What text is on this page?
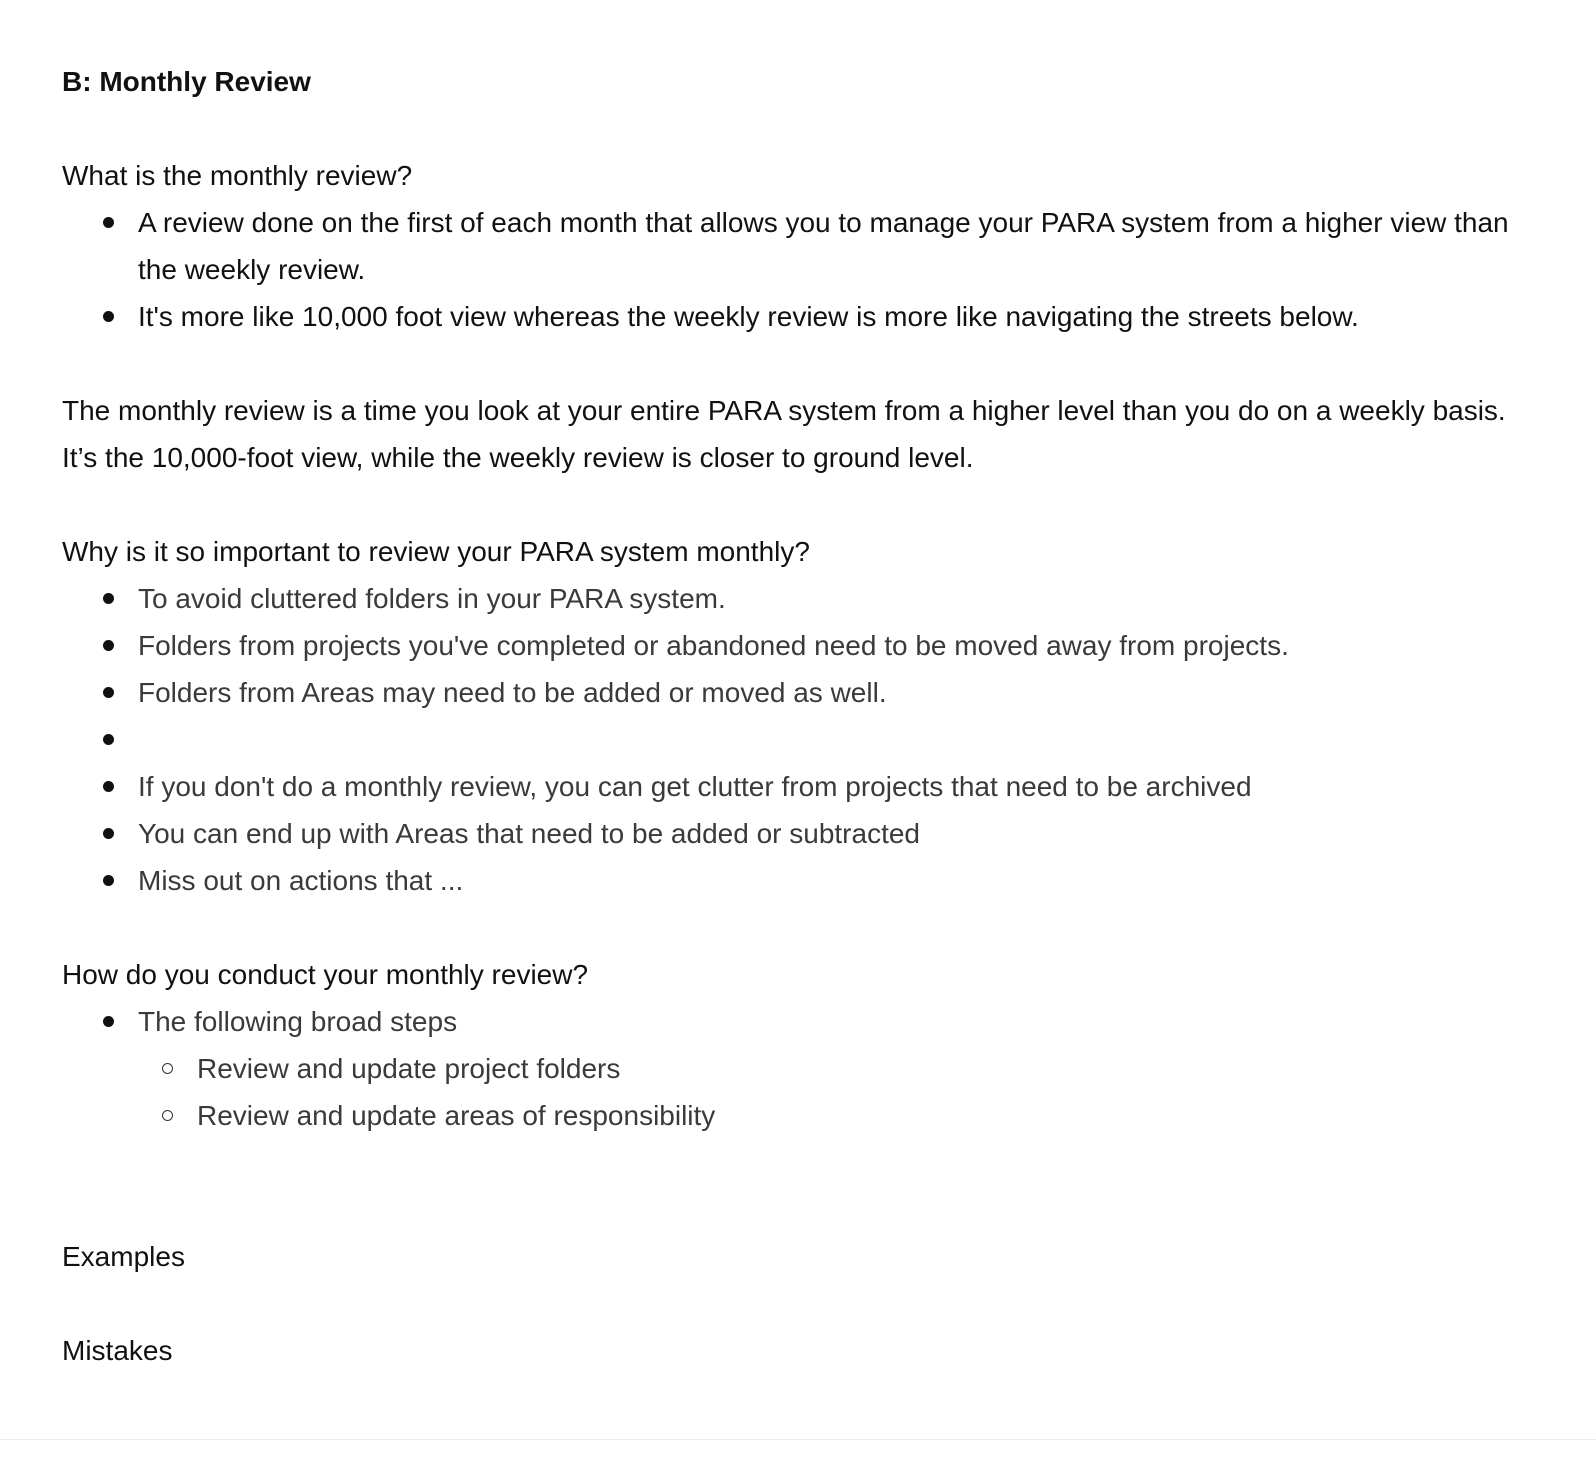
B: Monthly Review

What is the monthly review?

A review done on the first of each month that allows you to manage your PARA system from a higher view than the weekly review.
It's more like 10,000 foot view whereas the weekly review is more like navigating the streets below.

The monthly review is a time you look at your entire PARA system from a higher level than you do on a weekly basis. It’s the 10,000-foot view, while the weekly review is closer to ground level.

Why is it so important to review your PARA system monthly?

To avoid cluttered folders in your PARA system.
Folders from projects you've completed or abandoned need to be moved away from projects.
Folders from Areas may need to be added or moved as well.
If you don't do a monthly review, you can get clutter from projects that need to be archived
You can end up with Areas that need to be added or subtracted
Miss out on actions that ...

How do you conduct your monthly review?

The following broad steps
Review and update project folders
Review and update areas of responsibility

Examples

Mistakes
